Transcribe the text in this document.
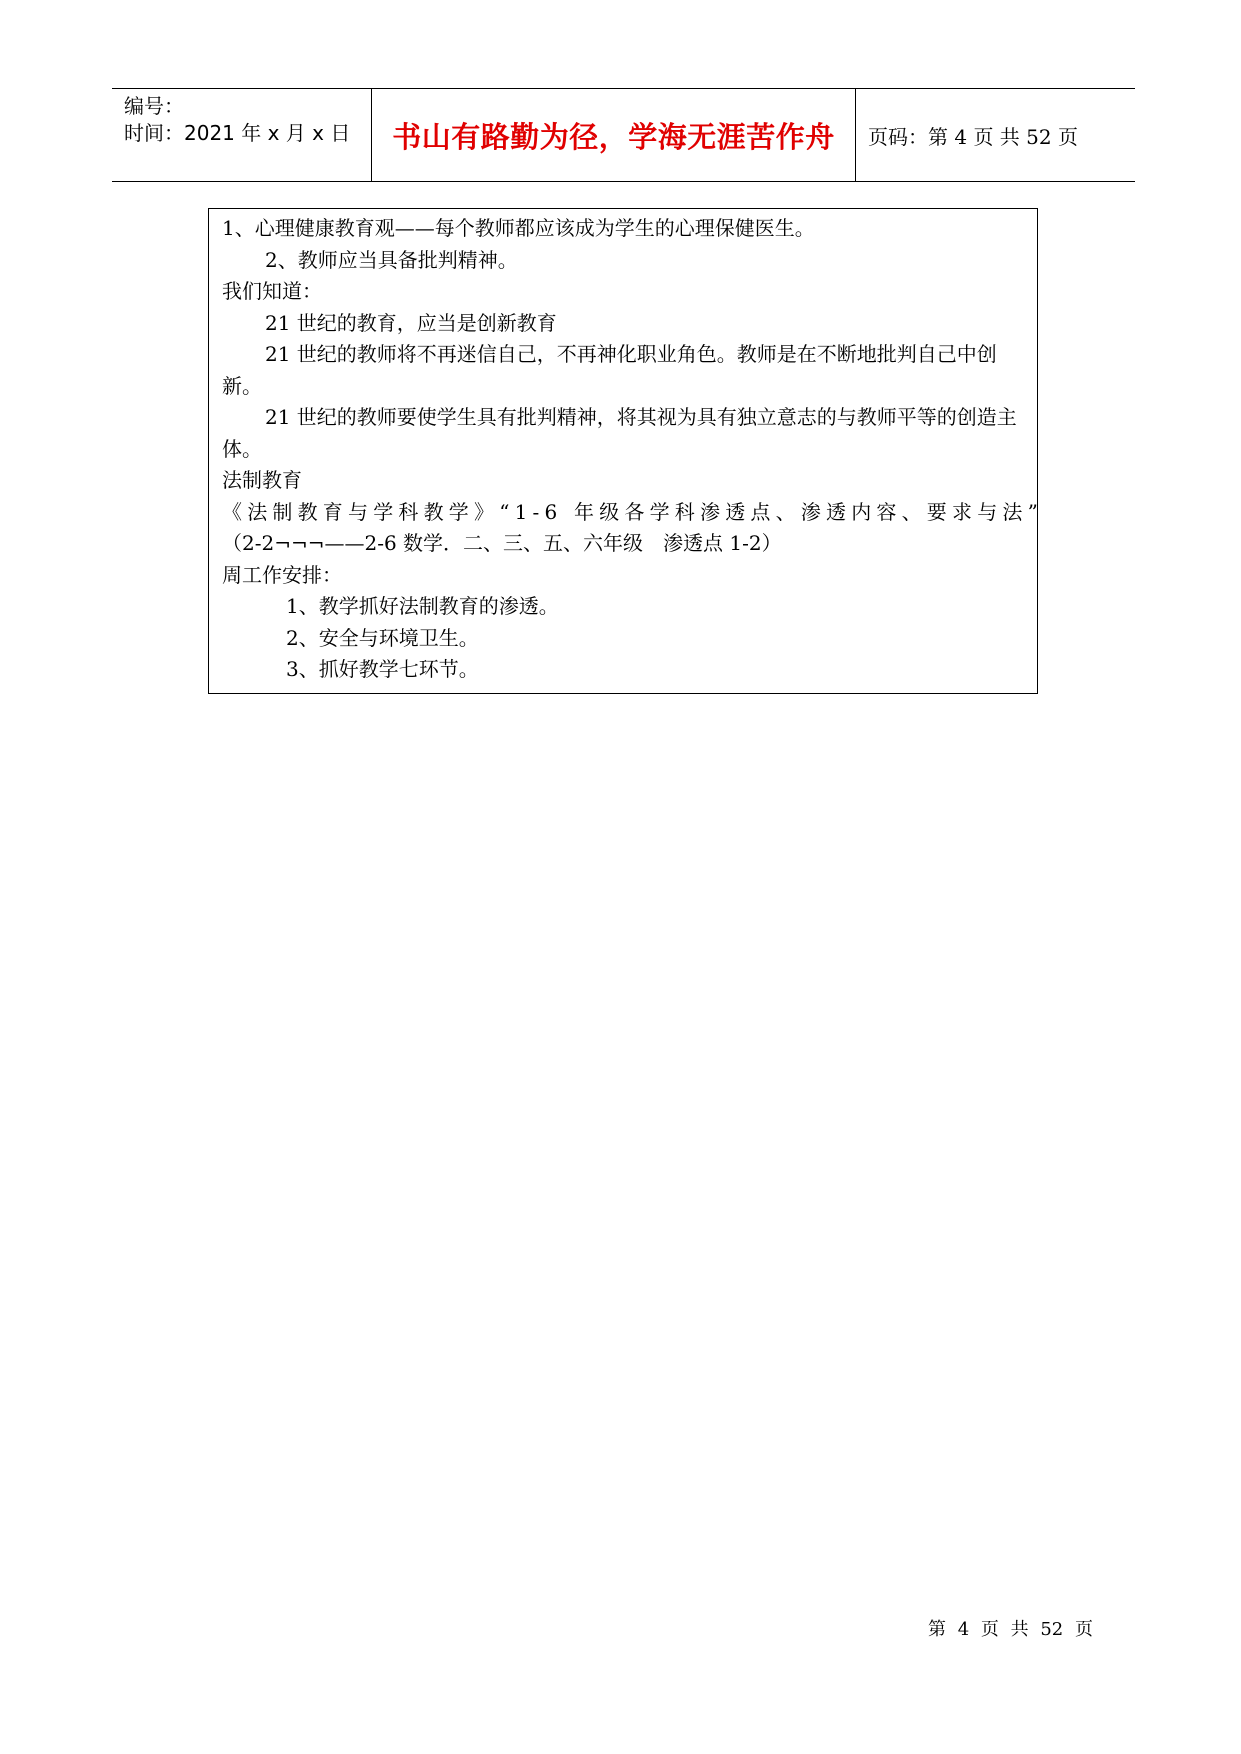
编号：
时间：2021 年 x 月 x 日	书山有路勤为径，学海无涯苦作舟 页码：第 4 页 共 52 页

1、心理健康教育观——每个教师都应该成为学生的心理保健医生。

2、教师应当具备批判精神。

我们知道：

21 世纪的教育，应当是创新教育

21 世纪的教师将不再迷信自己，不再神化职业角色。教师是在不断地批判自己中创新。

21 世纪的教师要使学生具有批判精神，将其视为具有独立意志的与教师平等的创造主体。

法制教育

《法制教育与学科教学》“1-6 年级各学科渗透点、渗透内容、要求与法”

（2-2¬¬¬——2-6 数学．二、三、五、六年级　渗透点 1-2）

周工作安排：

1、教学抓好法制教育的渗透。

2、安全与环境卫生。

3、抓好教学七环节。

第 4 页 共 52 页
